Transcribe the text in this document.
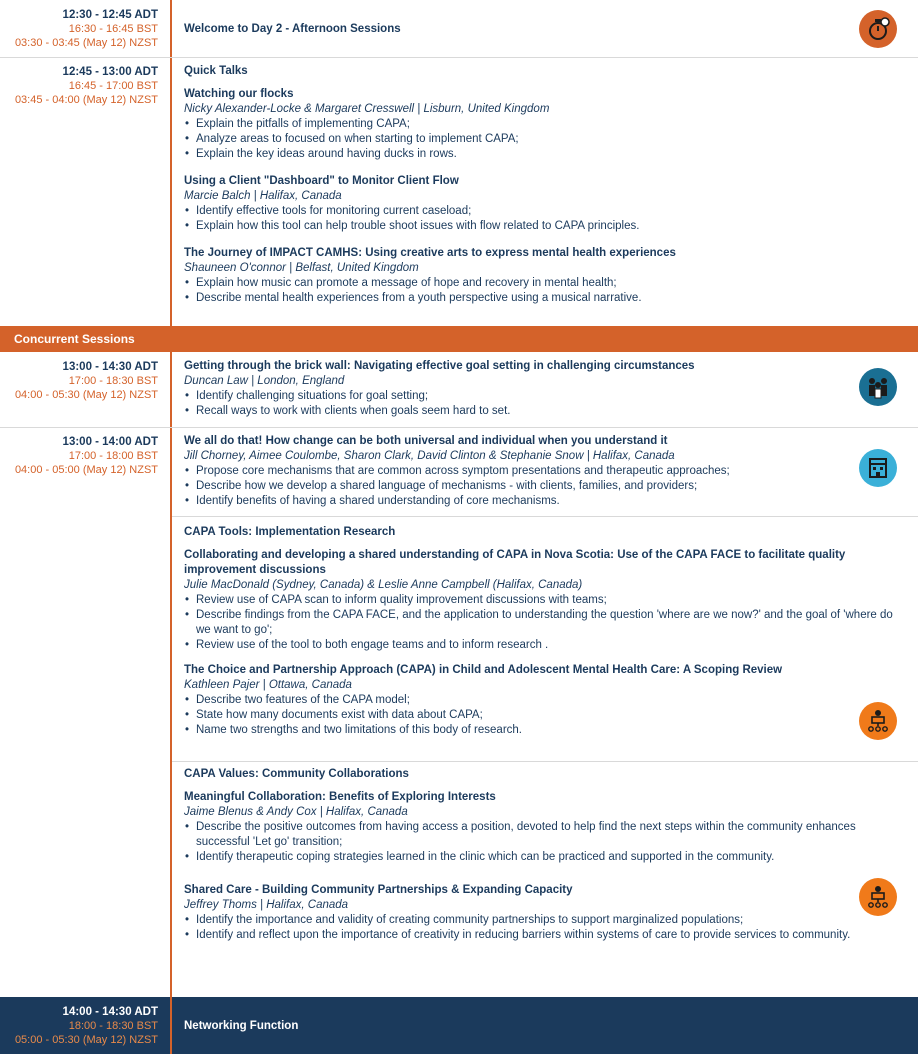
12:30 - 12:45 ADT
16:30 - 16:45 BST
03:30 - 03:45 (May 12) NZST

Welcome to Day 2 - Afternoon Sessions

12:45 - 13:00 ADT
16:45 - 17:00 BST
03:45 - 04:00 (May 12) NZST

Quick Talks

Watching our flocks

Nicky Alexander-Locke & Margaret Cresswell | Lisburn, United Kingdom

• Explain the pitfalls of implementing CAPA;
• Analyze areas to focused on when starting to implement CAPA;
• Explain the key ideas around having ducks in rows.

Using a Client "Dashboard" to Monitor Client Flow

Marcie Balch | Halifax, Canada

• Identify effective tools for monitoring current caseload;
• Explain how this tool can help trouble shoot issues with flow related to CAPA principles.

The Journey of IMPACT CAMHS: Using creative arts to express mental health experiences

Shauneen O'connor | Belfast, United Kingdom

• Explain how music can promote a message of hope and recovery in mental health;
• Describe mental health experiences from a youth perspective using a musical narrative.
Concurrent Sessions
13:00 - 14:30 ADT
17:00 - 18:30 BST
04:00 - 05:30 (May 12) NZST

Getting through the brick wall: Navigating effective goal setting in challenging circumstances

Duncan Law | London, England

• Identify challenging situations for goal setting;
• Recall ways to work with clients when goals seem hard to set.
13:00 - 14:00 ADT
17:00 - 18:00 BST
04:00 - 05:00 (May 12) NZST

We all do that! How change can be both universal and individual when you understand it

Jill Chorney, Aimee Coulombe, Sharon Clark, David Clinton & Stephanie Snow | Halifax, Canada

• Propose core mechanisms that are common across symptom presentations and therapeutic approaches;
• Describe how we develop a shared language of mechanisms - with clients, families, and providers;
• Identify benefits of having a shared understanding of core mechanisms.

CAPA Tools: Implementation Research

Collaborating and developing a shared understanding of CAPA in Nova Scotia: Use of the CAPA FACE to facilitate quality improvement discussions

Julie MacDonald (Sydney, Canada) & Leslie Anne Campbell (Halifax, Canada)

• Review use of CAPA scan to inform quality improvement discussions with teams;
• Describe findings from the CAPA FACE, and the application to understanding the question 'where are we now?' and the goal of 'where do we want to go';
• Review use of the tool to both engage teams and to inform research .

The Choice and Partnership Approach (CAPA) in Child and Adolescent Mental Health Care: A Scoping Review

Kathleen Pajer | Ottawa, Canada

• Describe two features of the CAPA model;
• State how many documents exist with data about CAPA;
• Name two strengths and two limitations of this body of research.

CAPA Values: Community Collaborations

Meaningful Collaboration: Benefits of Exploring Interests

Jaime Blenus & Andy Cox | Halifax, Canada

• Describe the positive outcomes from having access a position, devoted to help find the next steps within the community enhances successful 'Let go' transition;
• Identify therapeutic coping strategies learned in the clinic which can be practiced and supported in the community.

Shared Care - Building Community Partnerships & Expanding Capacity

Jeffrey Thoms | Halifax, Canada

• Identify the importance and validity of creating community partnerships to support marginalized populations;
• Identify and reflect upon the importance of creativity in reducing barriers within systems of care to provide services to community.
14:00 - 14:30 ADT
18:00 - 18:30 BST
05:00 - 05:30 (May 12) NZST

Networking Function
